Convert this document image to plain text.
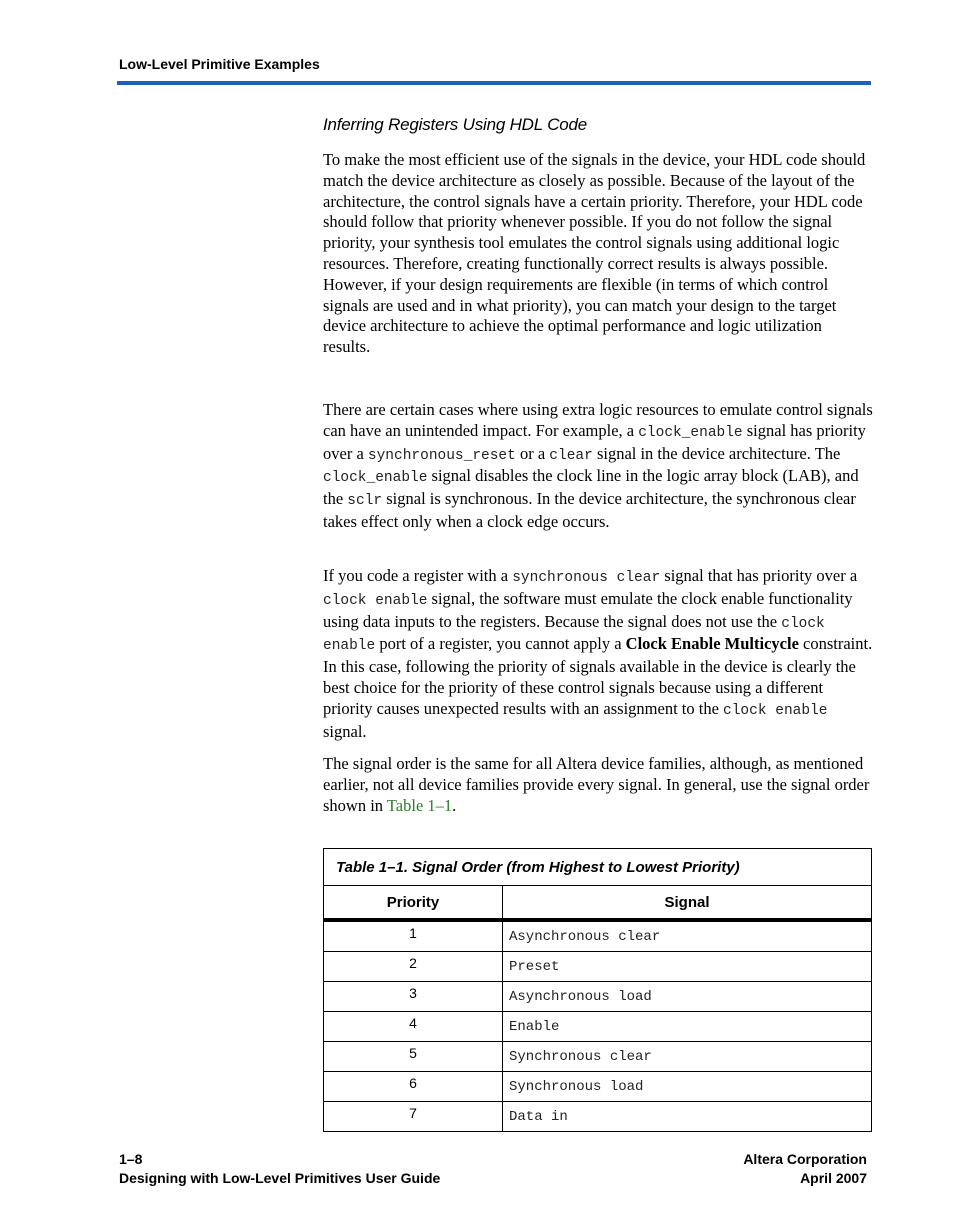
Low-Level Primitive Examples
Inferring Registers Using HDL Code

To make the most efficient use of the signals in the device, your HDL code should match the device architecture as closely as possible. Because of the layout of the architecture, the control signals have a certain priority. Therefore, your HDL code should follow that priority whenever possible. If you do not follow the signal priority, your synthesis tool emulates the control signals using additional logic resources. Therefore, creating functionally correct results is always possible. However, if your design requirements are flexible (in terms of which control signals are used and in what priority), you can match your design to the target device architecture to achieve the optimal performance and logic utilization results.

There are certain cases where using extra logic resources to emulate control signals can have an unintended impact. For example, a clock_enable signal has priority over a synchronous_reset or a clear signal in the device architecture. The clock_enable signal disables the clock line in the logic array block (LAB), and the sclr signal is synchronous. In the device architecture, the synchronous clear takes effect only when a clock edge occurs.

If you code a register with a synchronous clear signal that has priority over a clock enable signal, the software must emulate the clock enable functionality using data inputs to the registers. Because the signal does not use the clock enable port of a register, you cannot apply a Clock Enable Multicycle constraint. In this case, following the priority of signals available in the device is clearly the best choice for the priority of these control signals because using a different priority causes unexpected results with an assignment to the clock enable signal.

The signal order is the same for all Altera device families, although, as mentioned earlier, not all device families provide every signal. In general, use the signal order shown in Table 1–1.

Table 1–1. Signal Order (from Highest to Lowest Priority)	
Priority	Signal
1	Asynchronous clear
2	Preset
3	Asynchronous load
4	Enable
5	Synchronous clear
6	Synchronous load
7	Data in
1–8
Designing with Low-Level Primitives User Guide
Altera Corporation
April 2007
